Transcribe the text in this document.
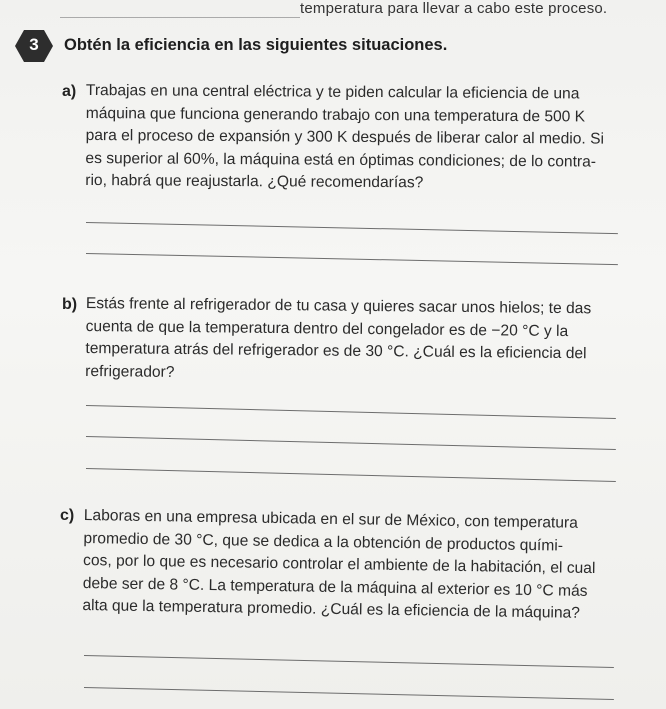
temperatura para llevar a cabo este proceso.
3	Obtén la eficiencia en las siguientes situaciones.
a) Trabajas en una central eléctrica y te piden calcular la eficiencia de una
máquina que funciona generando trabajo con una temperatura de 500 K
para el proceso de expansión y 300 K después de liberar calor al medio. Si
es superior al 60%, la máquina está en óptimas condiciones; de lo contra-
rio, habrá que reajustarla. ¿Qué recomendarías?
b) Estás frente al refrigerador de tu casa y quieres sacar unos hielos; te das
cuenta de que la temperatura dentro del congelador es de −20 °C y la
temperatura atrás del refrigerador es de 30 °C. ¿Cuál es la eficiencia del
refrigerador?
c) Laboras en una empresa ubicada en el sur de México, con temperatura
promedio de 30 °C, que se dedica a la obtención de productos quími-
cos, por lo que es necesario controlar el ambiente de la habitación, el cual
debe ser de 8 °C. La temperatura de la máquina al exterior es 10 °C más
alta que la temperatura promedio. ¿Cuál es la eficiencia de la máquina?
